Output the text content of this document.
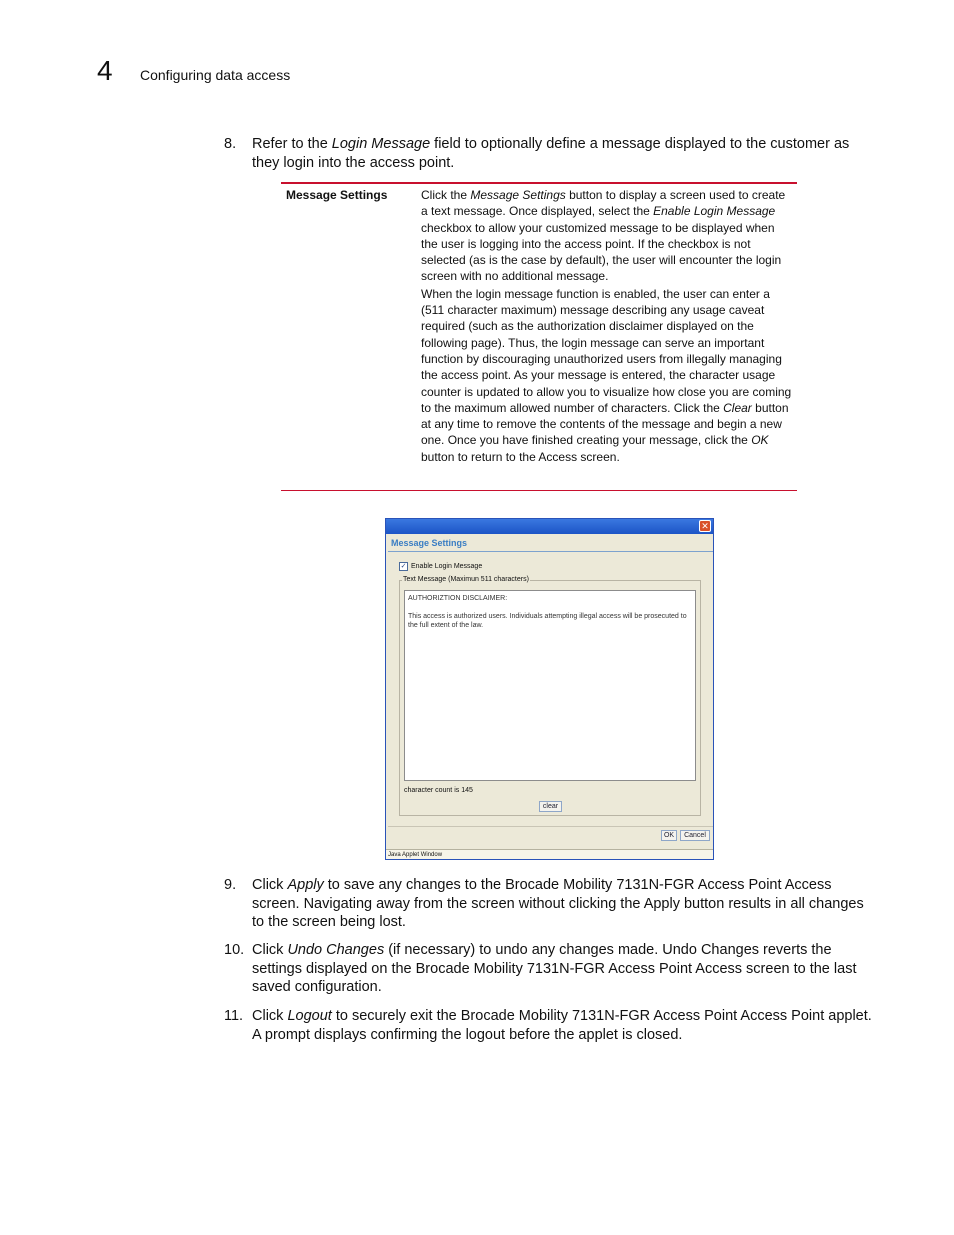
4 Configuring data access
8. Refer to the Login Message field to optionally define a message displayed to the customer as they login into the access point.
Message Settings	Click the Message Settings button to display a screen used to create a text message. Once displayed, select the Enable Login Message checkbox to allow your customized message to be displayed when the user is logging into the access point. If the checkbox is not selected (as is the case by default), the user will encounter the login screen with no additional message.

When the login message function is enabled, the user can enter a (511 character maximum) message describing any usage caveat required (such as the authorization disclaimer displayed on the following page). Thus, the login message can serve an important function by discouraging unauthorized users from illegally managing the access point. As your message is entered, the character usage counter is updated to allow you to visualize how close you are coming to the maximum allowed number of characters. Click the Clear button at any time to remove the contents of the message and begin a new one. Once you have finished creating your message, click the OK button to return to the Access screen.

✕
Message Settings
✓ Enable Login Message
Text Message (Maximun 511 characters)

AUTHORIZTION DISCLAIMER:

This access is authorized users. Individuals attempting illegal access will be prosecuted to the full extent of the law.

character count is 145
clear
OK	Cancel
Java Applet Window
9. Click Apply to save any changes to the Brocade Mobility 7131N-FGR Access Point Access screen. Navigating away from the screen without clicking the Apply button results in all changes to the screen being lost.
10. Click Undo Changes (if necessary) to undo any changes made. Undo Changes reverts the settings displayed on the Brocade Mobility 7131N-FGR Access Point Access screen to the last saved configuration.
11. Click Logout to securely exit the Brocade Mobility 7131N-FGR Access Point Access Point applet. A prompt displays confirming the logout before the applet is closed.
